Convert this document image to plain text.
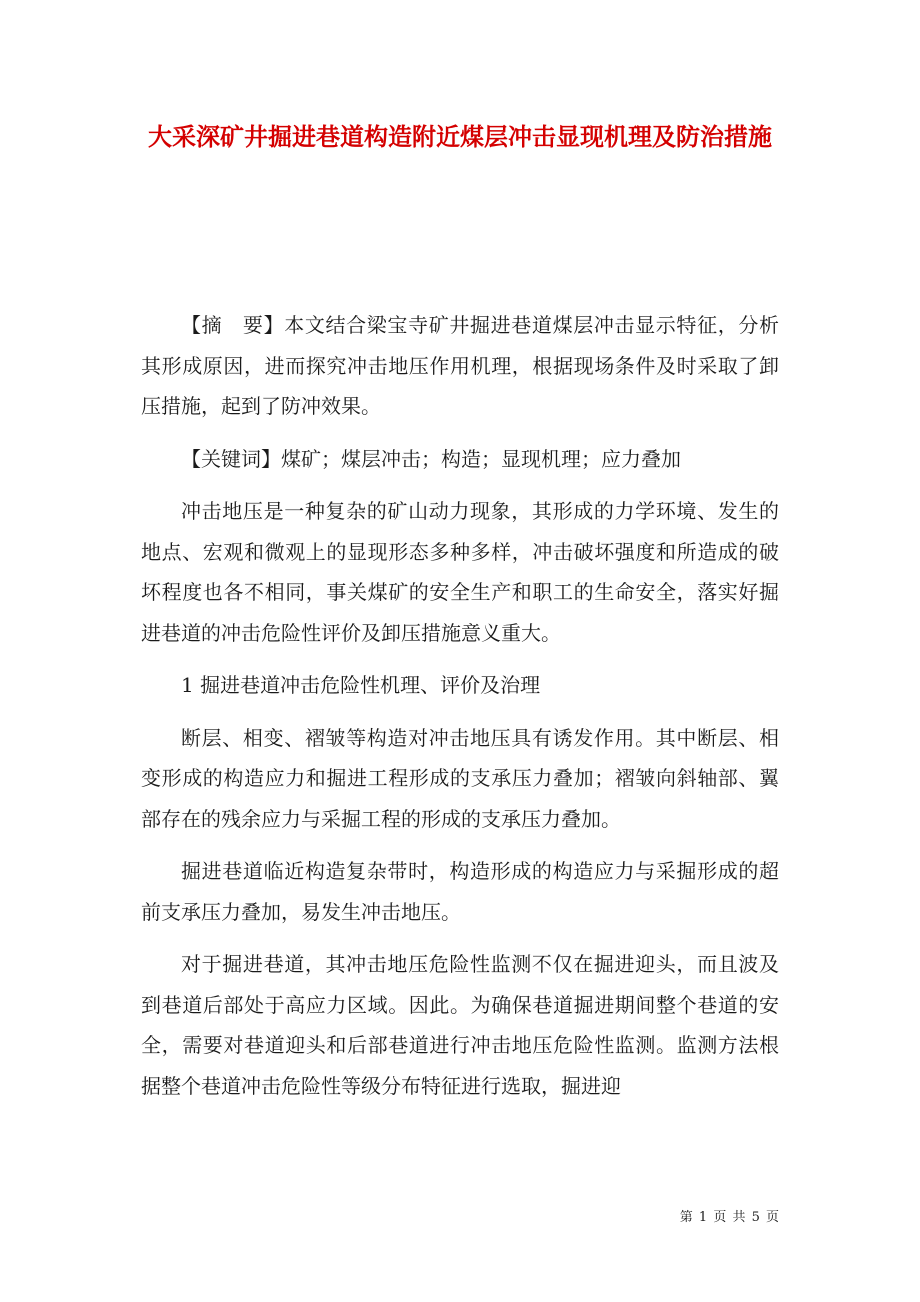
大采深矿井掘进巷道构造附近煤层冲击显现机理及防治措施

【摘　要】本文结合梁宝寺矿井掘进巷道煤层冲击显示特征，分析其形成原因，进而探究冲击地压作用机理，根据现场条件及时采取了卸压措施，起到了防冲效果。

【关键词】煤矿；煤层冲击；构造；显现机理；应力叠加

冲击地压是一种复杂的矿山动力现象，其形成的力学环境、发生的地点、宏观和微观上的显现形态多种多样，冲击破坏强度和所造成的破坏程度也各不相同，事关煤矿的安全生产和职工的生命安全，落实好掘进巷道的冲击危险性评价及卸压措施意义重大。

1 掘进巷道冲击危险性机理、评价及治理

断层、相变、褶皱等构造对冲击地压具有诱发作用。其中断层、相变形成的构造应力和掘进工程形成的支承压力叠加；褶皱向斜轴部、翼部存在的残余应力与采掘工程的形成的支承压力叠加。

掘进巷道临近构造复杂带时，构造形成的构造应力与采掘形成的超前支承压力叠加，易发生冲击地压。

对于掘进巷道，其冲击地压危险性监测不仅在掘进迎头，而且波及到巷道后部处于高应力区域。因此。为确保巷道掘进期间整个巷道的安全，需要对巷道迎头和后部巷道进行冲击地压危险性监测。监测方法根据整个巷道冲击危险性等级分布特征进行选取，掘进迎

第 1 页 共 5 页
